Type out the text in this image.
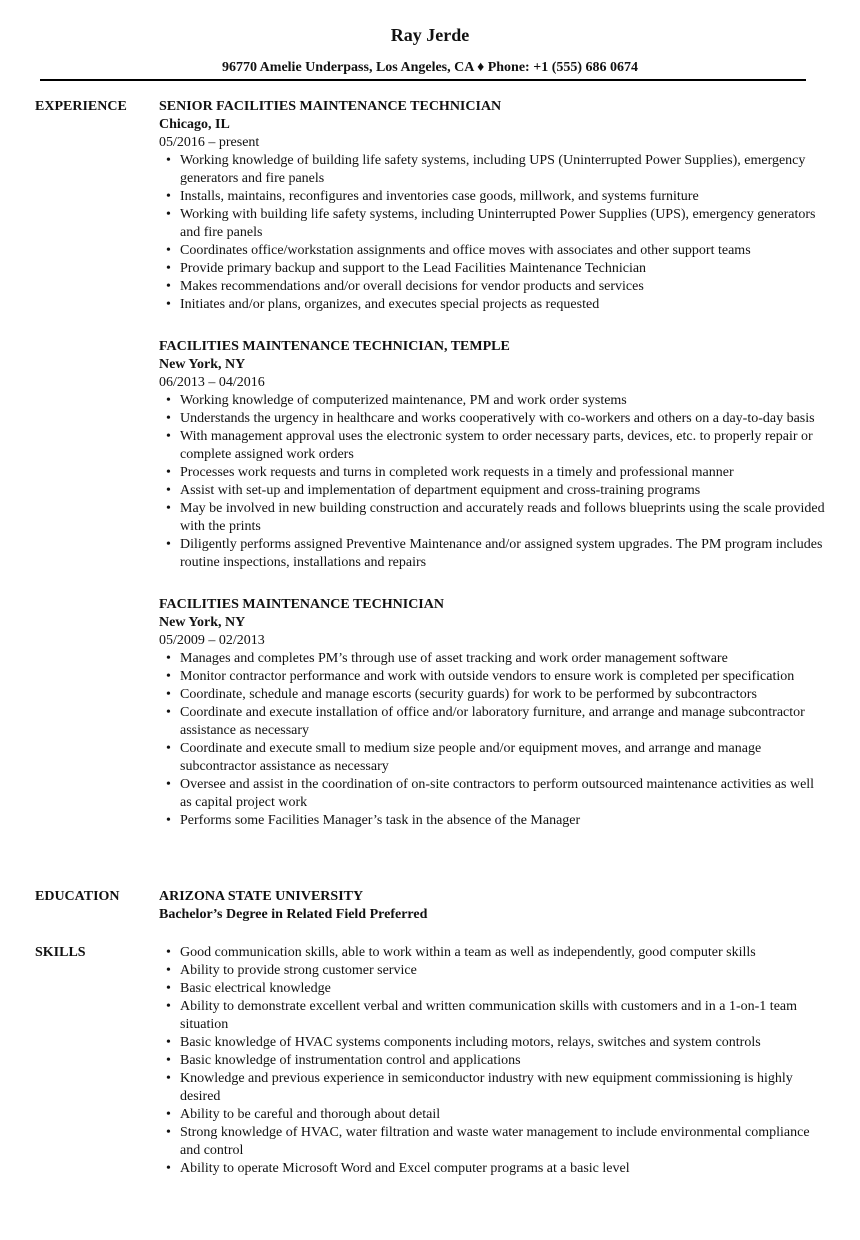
Ray Jerde
96770 Amelie Underpass, Los Angeles, CA ♦ Phone: +1 (555) 686 0674
EXPERIENCE SENIOR FACILITIES MAINTENANCE TECHNICIAN
Chicago, IL
05/2016 – present
• Working knowledge of building life safety systems, including UPS (Uninterrupted Power Supplies), emergency generators and fire panels
• Installs, maintains, reconfigures and inventories case goods, millwork, and systems furniture
• Working with building life safety systems, including Uninterrupted Power Supplies (UPS), emergency generators and fire panels
• Coordinates office/workstation assignments and office moves with associates and other support teams
• Provide primary backup and support to the Lead Facilities Maintenance Technician
• Makes recommendations and/or overall decisions for vendor products and services
• Initiates and/or plans, organizes, and executes special projects as requested
FACILITIES MAINTENANCE TECHNICIAN, TEMPLE
New York, NY
06/2013 – 04/2016
• Working knowledge of computerized maintenance, PM and work order systems
• Understands the urgency in healthcare and works cooperatively with co-workers and others on a day-to-day basis
• With management approval uses the electronic system to order necessary parts, devices, etc. to properly repair or complete assigned work orders
• Processes work requests and turns in completed work requests in a timely and professional manner
• Assist with set-up and implementation of department equipment and cross-training programs
• May be involved in new building construction and accurately reads and follows blueprints using the scale provided with the prints
• Diligently performs assigned Preventive Maintenance and/or assigned system upgrades. The PM program includes routine inspections, installations and repairs
FACILITIES MAINTENANCE TECHNICIAN
New York, NY
05/2009 – 02/2013
• Manages and completes PM’s through use of asset tracking and work order management software
• Monitor contractor performance and work with outside vendors to ensure work is completed per specification
• Coordinate, schedule and manage escorts (security guards) for work to be performed by subcontractors
• Coordinate and execute installation of office and/or laboratory furniture, and arrange and manage subcontractor assistance as necessary
• Coordinate and execute small to medium size people and/or equipment moves, and arrange and manage subcontractor assistance as necessary
• Oversee and assist in the coordination of on-site contractors to perform outsourced maintenance activities as well as capital project work
• Performs some Facilities Manager’s task in the absence of the Manager
EDUCATION	ARIZONA STATE UNIVERSITY
Bachelor’s Degree in Related Field Preferred
SKILLS	• Good communication skills, able to work within a team as well as independently, good computer skills
• Ability to provide strong customer service
• Basic electrical knowledge
• Ability to demonstrate excellent verbal and written communication skills with customers and in a 1-on-1 team situation
• Basic knowledge of HVAC systems components including motors, relays, switches and system controls
• Basic knowledge of instrumentation control and applications
• Knowledge and previous experience in semiconductor industry with new equipment commissioning is highly desired
• Ability to be careful and thorough about detail
• Strong knowledge of HVAC, water filtration and waste water management to include environmental compliance and control
• Ability to operate Microsoft Word and Excel computer programs at a basic level
